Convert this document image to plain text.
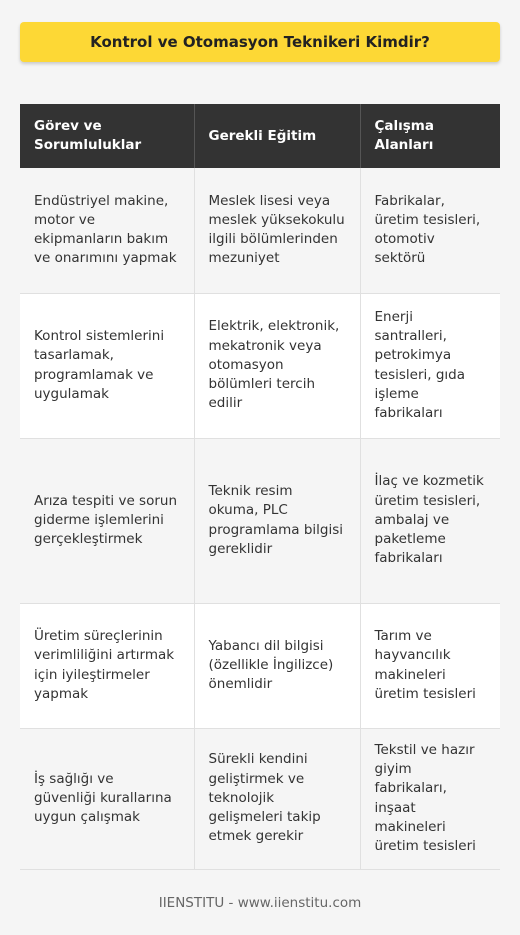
Kontrol ve Otomasyon Teknikeri Kimdir?
Görev ve Sorumluluklar	Gerekli Eğitim	Çalışma Alanları
Endüstriyel makine, motor ve ekipmanların bakım ve onarımını yapmak	Meslek lisesi veya meslek yüksekokulu ilgili bölümlerinden mezuniyet	Fabrikalar, üretim tesisleri, otomotiv sektörü
Kontrol sistemlerini tasarlamak, programlamak ve uygulamak	Elektrik, elektronik, mekatronik veya otomasyon bölümleri tercih edilir	Enerji santralleri, petrokimya tesisleri, gıda işleme fabrikaları
Arıza tespiti ve sorun giderme işlemlerini gerçekleştirmek	Teknik resim okuma, PLC programlama bilgisi gereklidir	İlaç ve kozmetik üretim tesisleri, ambalaj ve paketleme fabrikaları
Üretim süreçlerinin verimliliğini artırmak için iyileştirmeler yapmak	Yabancı dil bilgisi (özellikle İngilizce) önemlidir	Tarım ve hayvancılık makineleri üretim tesisleri
İş sağlığı ve güvenliği kurallarına uygun çalışmak	Sürekli kendini geliştirmek ve teknolojik gelişmeleri takip etmek gerekir	Tekstil ve hazır giyim fabrikaları, inşaat makineleri üretim tesisleri
IIENSTITU - www.iienstitu.com
